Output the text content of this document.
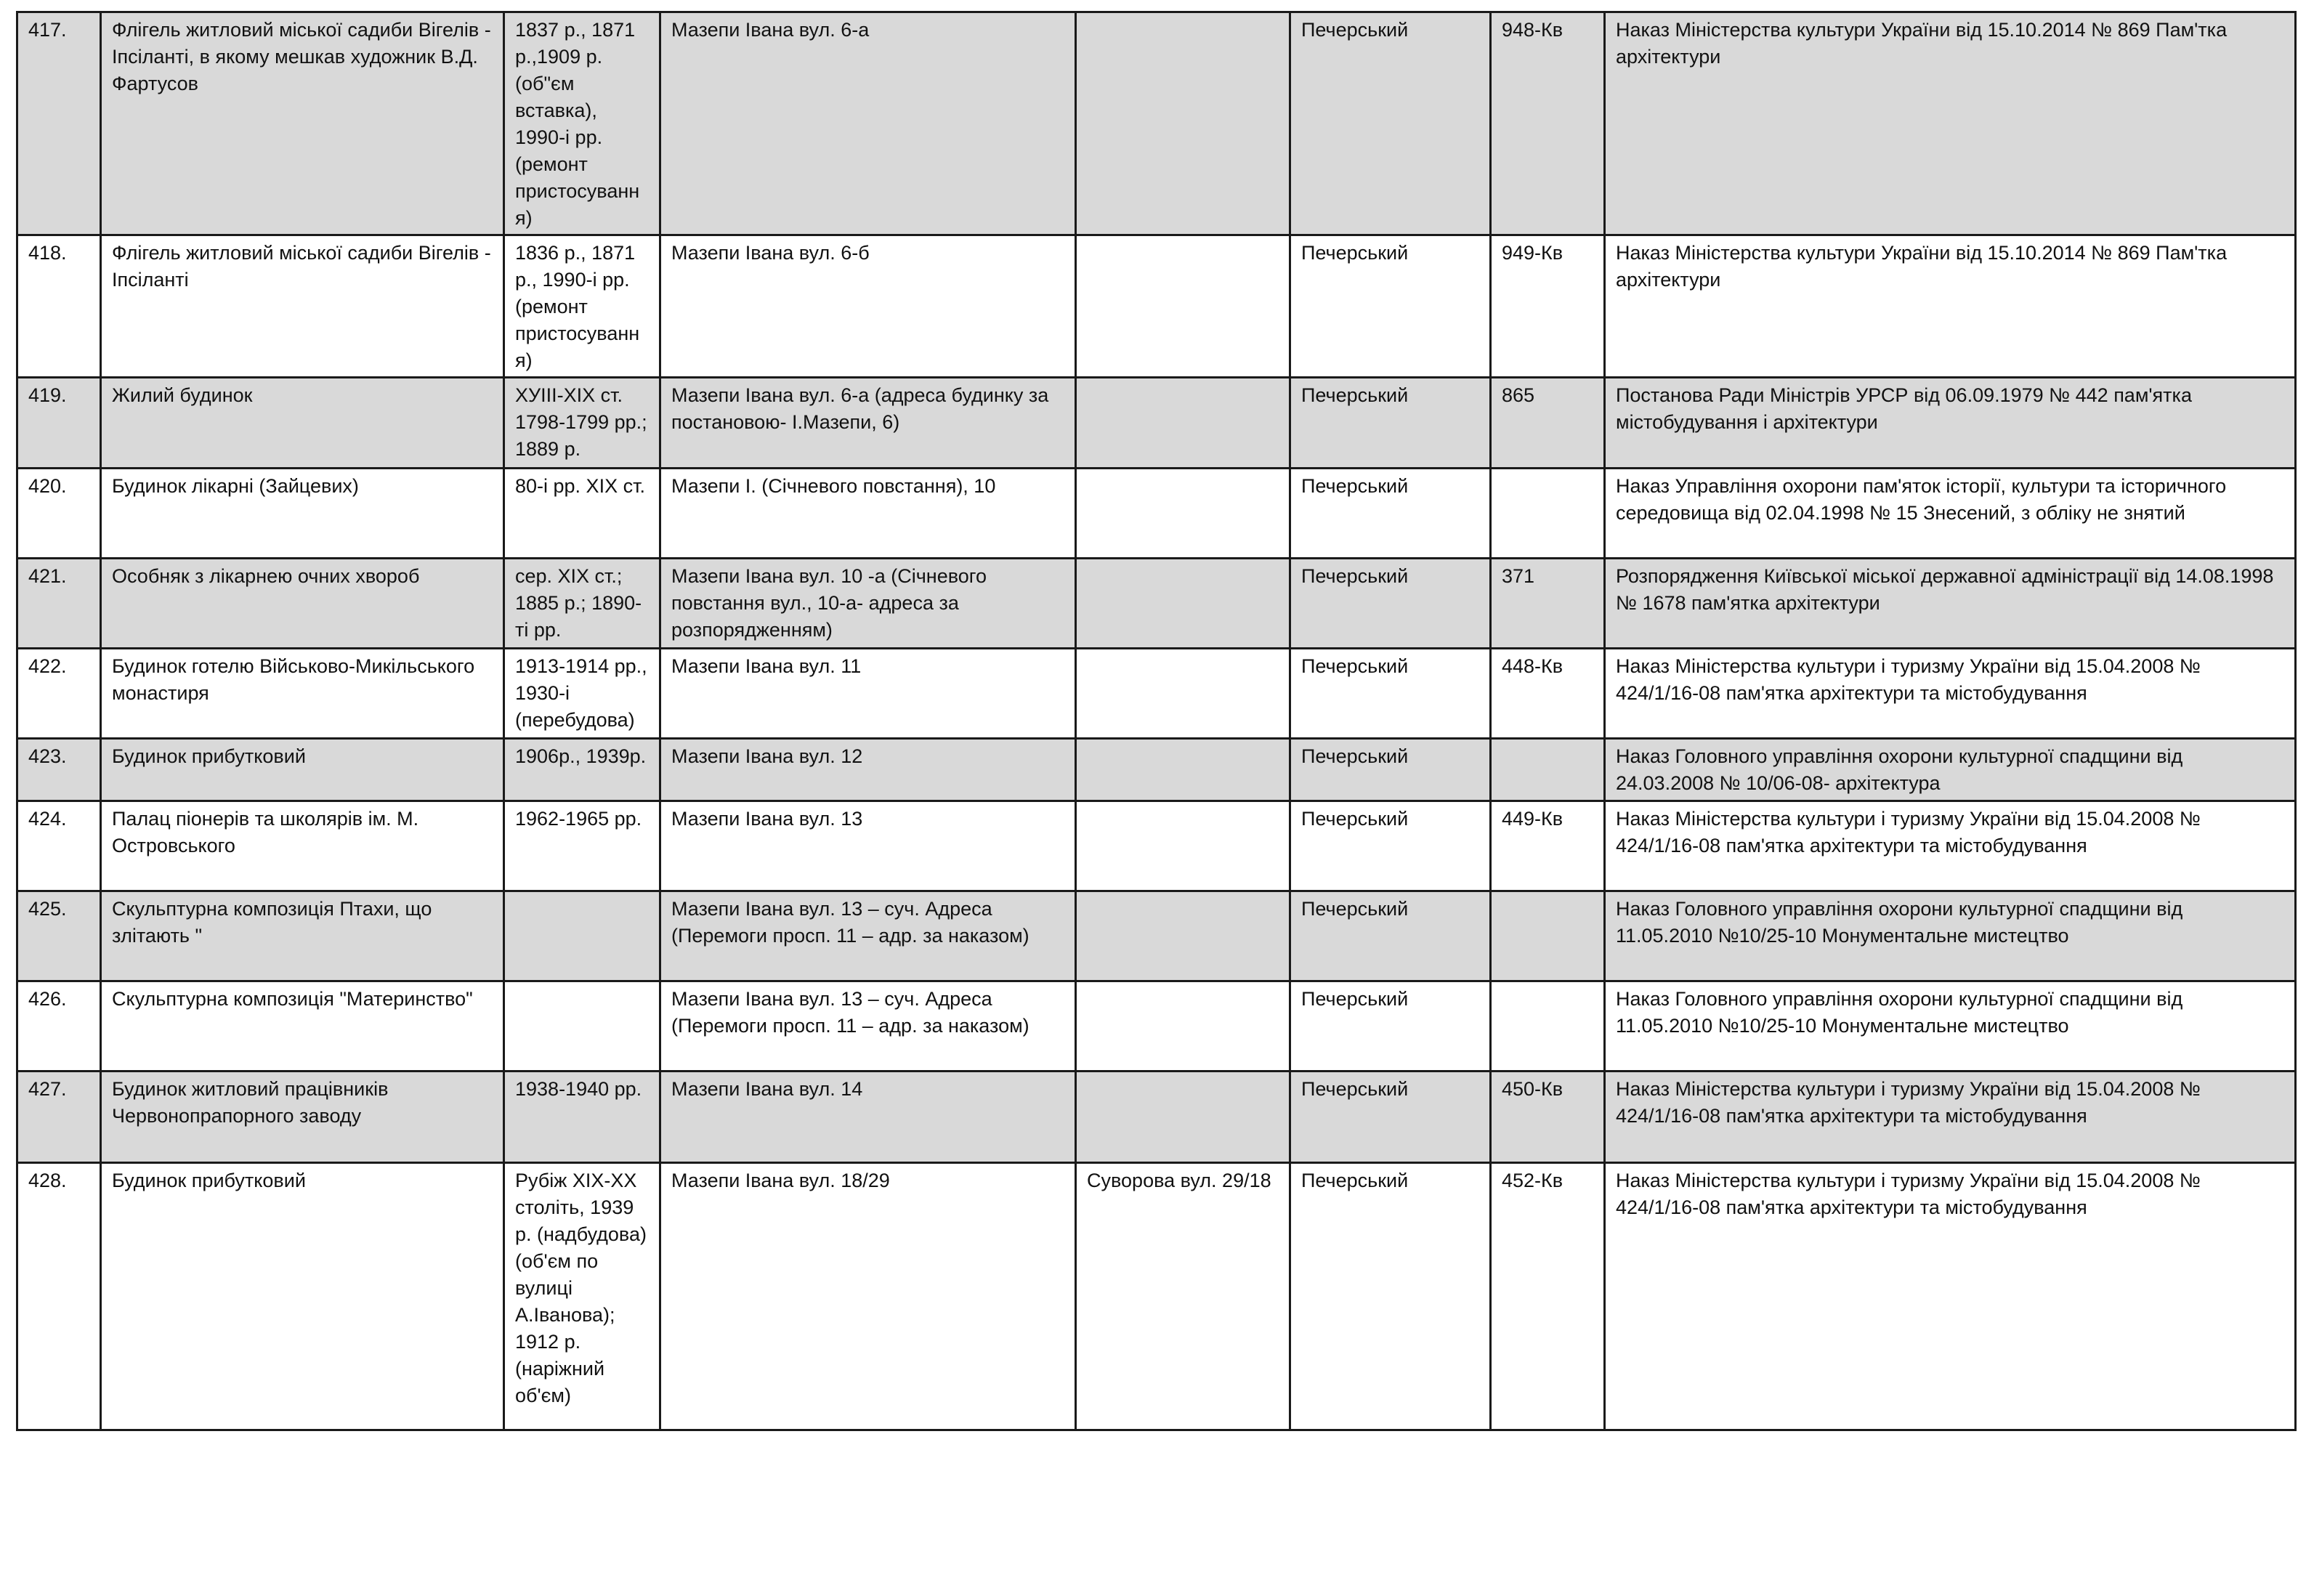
417.	Флігель житловий міської садиби Вігелів - Іпсіланті, в якому мешкав художник В.Д. Фартусов	1837 р., 1871 р.,1909 р. (об"єм вставка), 1990-і рр. (ремонт пристосування)	Мазепи Івана вул. 6-а		Печерський	948-Кв	Наказ Міністерства культури України від 15.10.2014 № 869 Пам'тка архітектури
418.	Флігель житловий міської садиби Вігелів - Іпсіланті	1836 р., 1871 р., 1990-і рр. (ремонт пристосування)	Мазепи Івана вул. 6-б		Печерський	949-Кв	Наказ Міністерства культури України від 15.10.2014 № 869 Пам'тка архітектури
419.	Жилий будинок	ХУІІІ-ХІХ ст. 1798-1799 рр.; 1889 р.	Мазепи Івана вул. 6-а (адреса будинку за постановою- І.Мазепи, 6)		Печерський	865	Постанова Ради Міністрів УРСР від 06.09.1979 № 442 пам'ятка містобудування і архітектури
420.	Будинок лікарні (Зайцевих)	80-і рр. ХІХ ст.	Мазепи І. (Січневого повстання), 10		Печерський		Наказ Управління охорони пам'яток історії, культури та історичного середовища від 02.04.1998 № 15 Знесений, з обліку не знятий
421.	Особняк з лікарнею очних хвороб	сер. ХІХ ст.; 1885 р.; 1890-ті рр.	Мазепи Івана вул. 10 -а (Січневого повстання вул., 10-а- адреса за розпорядженням)		Печерський	371	Розпорядження Київської міської державної адміністрації від 14.08.1998 № 1678 пам'ятка архітектури
422.	Будинок готелю Військово-Микільського монастиря	1913-1914 рр., 1930-і (перебудова)	Мазепи Івана вул. 11		Печерський	448-Кв	Наказ Міністерства культури і туризму України від 15.04.2008 № 424/1/16-08 пам'ятка архітектури та містобудування
423.	Будинок прибутковий	1906р., 1939р.	Мазепи Івана вул. 12		Печерський		Наказ Головного управління охорони культурної спадщини від 24.03.2008 № 10/06-08- архітектура
424.	Палац піонерів та школярів ім. М. Островського	1962-1965 рр.	Мазепи Івана вул. 13		Печерський	449-Кв	Наказ Міністерства культури і туризму України від 15.04.2008 № 424/1/16-08 пам'ятка архітектури та містобудування
425.	Скульптурна композиція Птахи, що злітають "		Мазепи Івана вул. 13 – суч. Адреса (Перемоги просп. 11 – адр. за наказом)		Печерський		Наказ Головного управління охорони культурної спадщини від 11.05.2010 №10/25-10 Монументальне мистецтво
426.	Скульптурна композиція "Материнство"		Мазепи Івана вул. 13 – суч. Адреса (Перемоги просп. 11 – адр. за наказом)		Печерський		Наказ Головного управління охорони культурної спадщини від 11.05.2010 №10/25-10 Монументальне мистецтво
427.	Будинок житловий працівників Червонопрапорного заводу	1938-1940 рр.	Мазепи Івана вул. 14		Печерський	450-Кв	Наказ Міністерства культури і туризму України від 15.04.2008 № 424/1/16-08 пам'ятка архітектури та містобудування
428.	Будинок прибутковий	Рубіж ХІХ-ХХ століть, 1939 р. (надбудова)(об'єм по вулиці А.Іванова); 1912 р.(наріжний об'єм)	Мазепи Івана вул. 18/29	Суворова вул. 29/18	Печерський	452-Кв	Наказ Міністерства культури і туризму України від 15.04.2008 № 424/1/16-08 пам'ятка архітектури та містобудування
